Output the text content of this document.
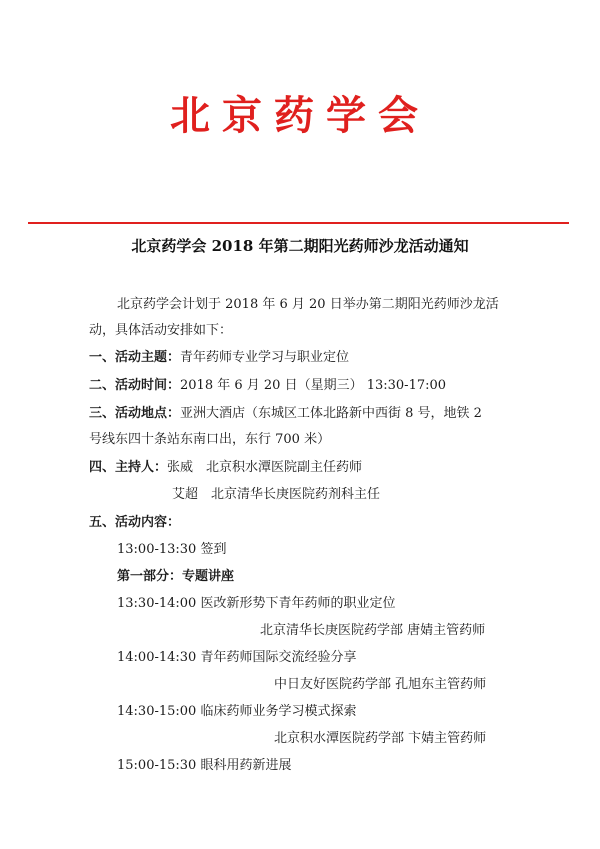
北京药学会
北京药学会 2018 年第二期阳光药师沙龙活动通知
北京药学会计划于 2018 年 6 月 20 日举办第二期阳光药师沙龙活
动，具体活动安排如下：
一、活动主题：青年药师专业学习与职业定位
二、活动时间：2018 年 6 月 20 日（星期三） 13:30-17:00
三、活动地点：亚洲大酒店（东城区工体北路新中西街 8 号，地铁 2
号线东四十条站东南口出，东行 700 米）
四、主持人：张威　北京积水潭医院副主任药师
艾超　北京清华长庚医院药剂科主任
五、活动内容：
13:00-13:30 签到
第一部分：专题讲座
13:30-14:00 医改新形势下青年药师的职业定位
北京清华长庚医院药学部 唐婧主管药师
14:00-14:30 青年药师国际交流经验分享
中日友好医院药学部 孔旭东主管药师
14:30-15:00 临床药师业务学习模式探索
北京积水潭医院药学部 卞婧主管药师
15:00-15:30 眼科用药新进展
